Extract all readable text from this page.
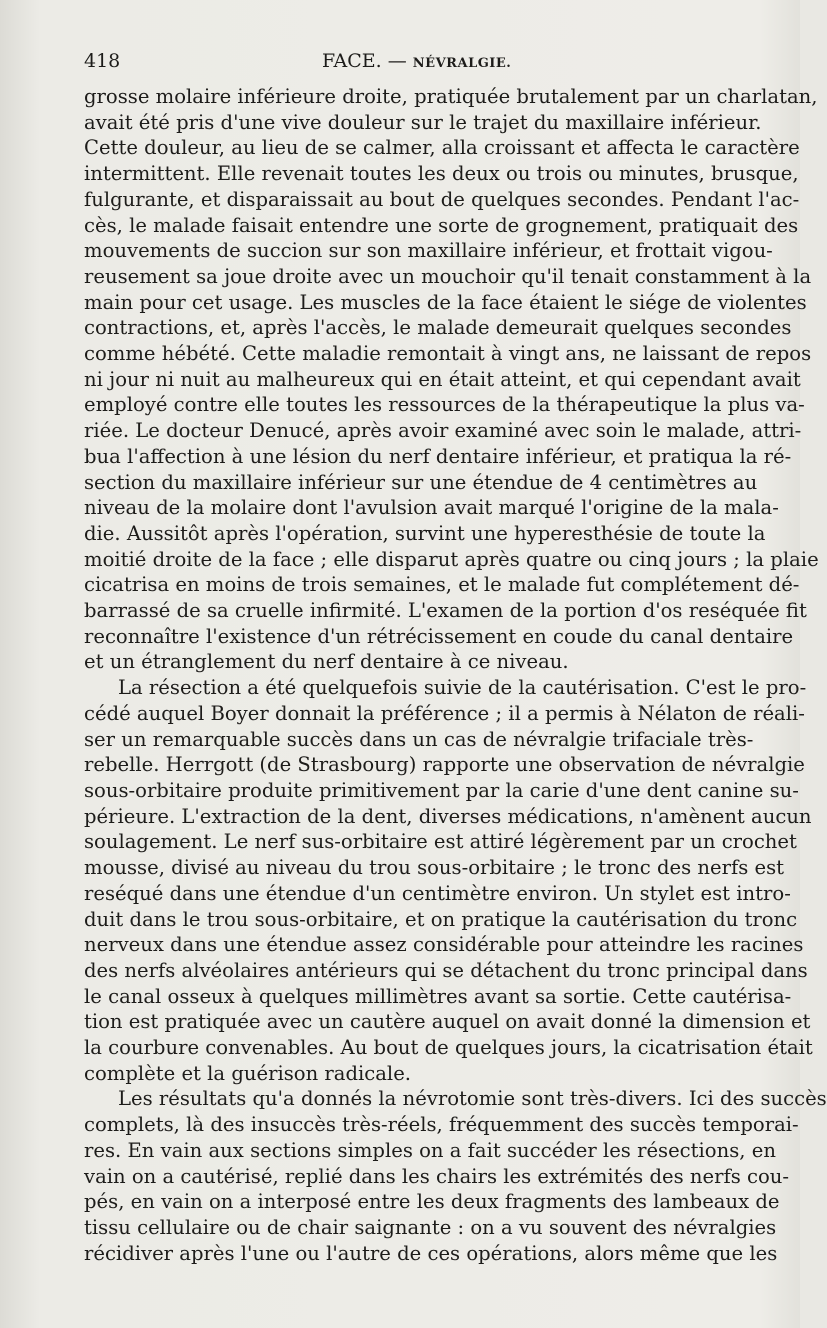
418	FACE. — NÉVRALGIE.
grosse molaire inférieure droite, pratiquée brutalement par un charlatan,
avait été pris d'une vive douleur sur le trajet du maxillaire inférieur.
Cette douleur, au lieu de se calmer, alla croissant et affecta le caractère
intermittent. Elle revenait toutes les deux ou trois ou minutes, brusque,
fulgurante, et disparaissait au bout de quelques secondes. Pendant l'ac-
cès, le malade faisait entendre une sorte de grognement, pratiquait des
mouvements de succion sur son maxillaire inférieur, et frottait vigou-
reusement sa joue droite avec un mouchoir qu'il tenait constamment à la
main pour cet usage. Les muscles de la face étaient le siége de violentes
contractions, et, après l'accès, le malade demeurait quelques secondes
comme hébété. Cette maladie remontait à vingt ans, ne laissant de repos
ni jour ni nuit au malheureux qui en était atteint, et qui cependant avait
employé contre elle toutes les ressources de la thérapeutique la plus va-
riée. Le docteur Denucé, après avoir examiné avec soin le malade, attri-
bua l'affection à une lésion du nerf dentaire inférieur, et pratiqua la ré-
section du maxillaire inférieur sur une étendue de 4 centimètres au
niveau de la molaire dont l'avulsion avait marqué l'origine de la mala-
die. Aussitôt après l'opération, survint une hyperesthésie de toute la
moitié droite de la face ; elle disparut après quatre ou cinq jours ; la plaie
cicatrisa en moins de trois semaines, et le malade fut complétement dé-
barrassé de sa cruelle infirmité. L'examen de la portion d'os reséquée fit
reconnaître l'existence d'un rétrécissement en coude du canal dentaire
et un étranglement du nerf dentaire à ce niveau.
La résection a été quelquefois suivie de la cautérisation. C'est le pro-
cédé auquel Boyer donnait la préférence ; il a permis à Nélaton de réali-
ser un remarquable succès dans un cas de névralgie trifaciale très-
rebelle. Herrgott (de Strasbourg) rapporte une observation de névralgie
sous-orbitaire produite primitivement par la carie d'une dent canine su-
périeure. L'extraction de la dent, diverses médications, n'amènent aucun
soulagement. Le nerf sus-orbitaire est attiré légèrement par un crochet
mousse, divisé au niveau du trou sous-orbitaire ; le tronc des nerfs est
reséqué dans une étendue d'un centimètre environ. Un stylet est intro-
duit dans le trou sous-orbitaire, et on pratique la cautérisation du tronc
nerveux dans une étendue assez considérable pour atteindre les racines
des nerfs alvéolaires antérieurs qui se détachent du tronc principal dans
le canal osseux à quelques millimètres avant sa sortie. Cette cautérisa-
tion est pratiquée avec un cautère auquel on avait donné la dimension et
la courbure convenables. Au bout de quelques jours, la cicatrisation était
complète et la guérison radicale.
Les résultats qu'a donnés la névrotomie sont très-divers. Ici des succès
complets, là des insuccès très-réels, fréquemment des succès temporai-
res. En vain aux sections simples on a fait succéder les résections, en
vain on a cautérisé, replié dans les chairs les extrémités des nerfs cou-
pés, en vain on a interposé entre les deux fragments des lambeaux de
tissu cellulaire ou de chair saignante : on a vu souvent des névralgies
récidiver après l'une ou l'autre de ces opérations, alors même que les
